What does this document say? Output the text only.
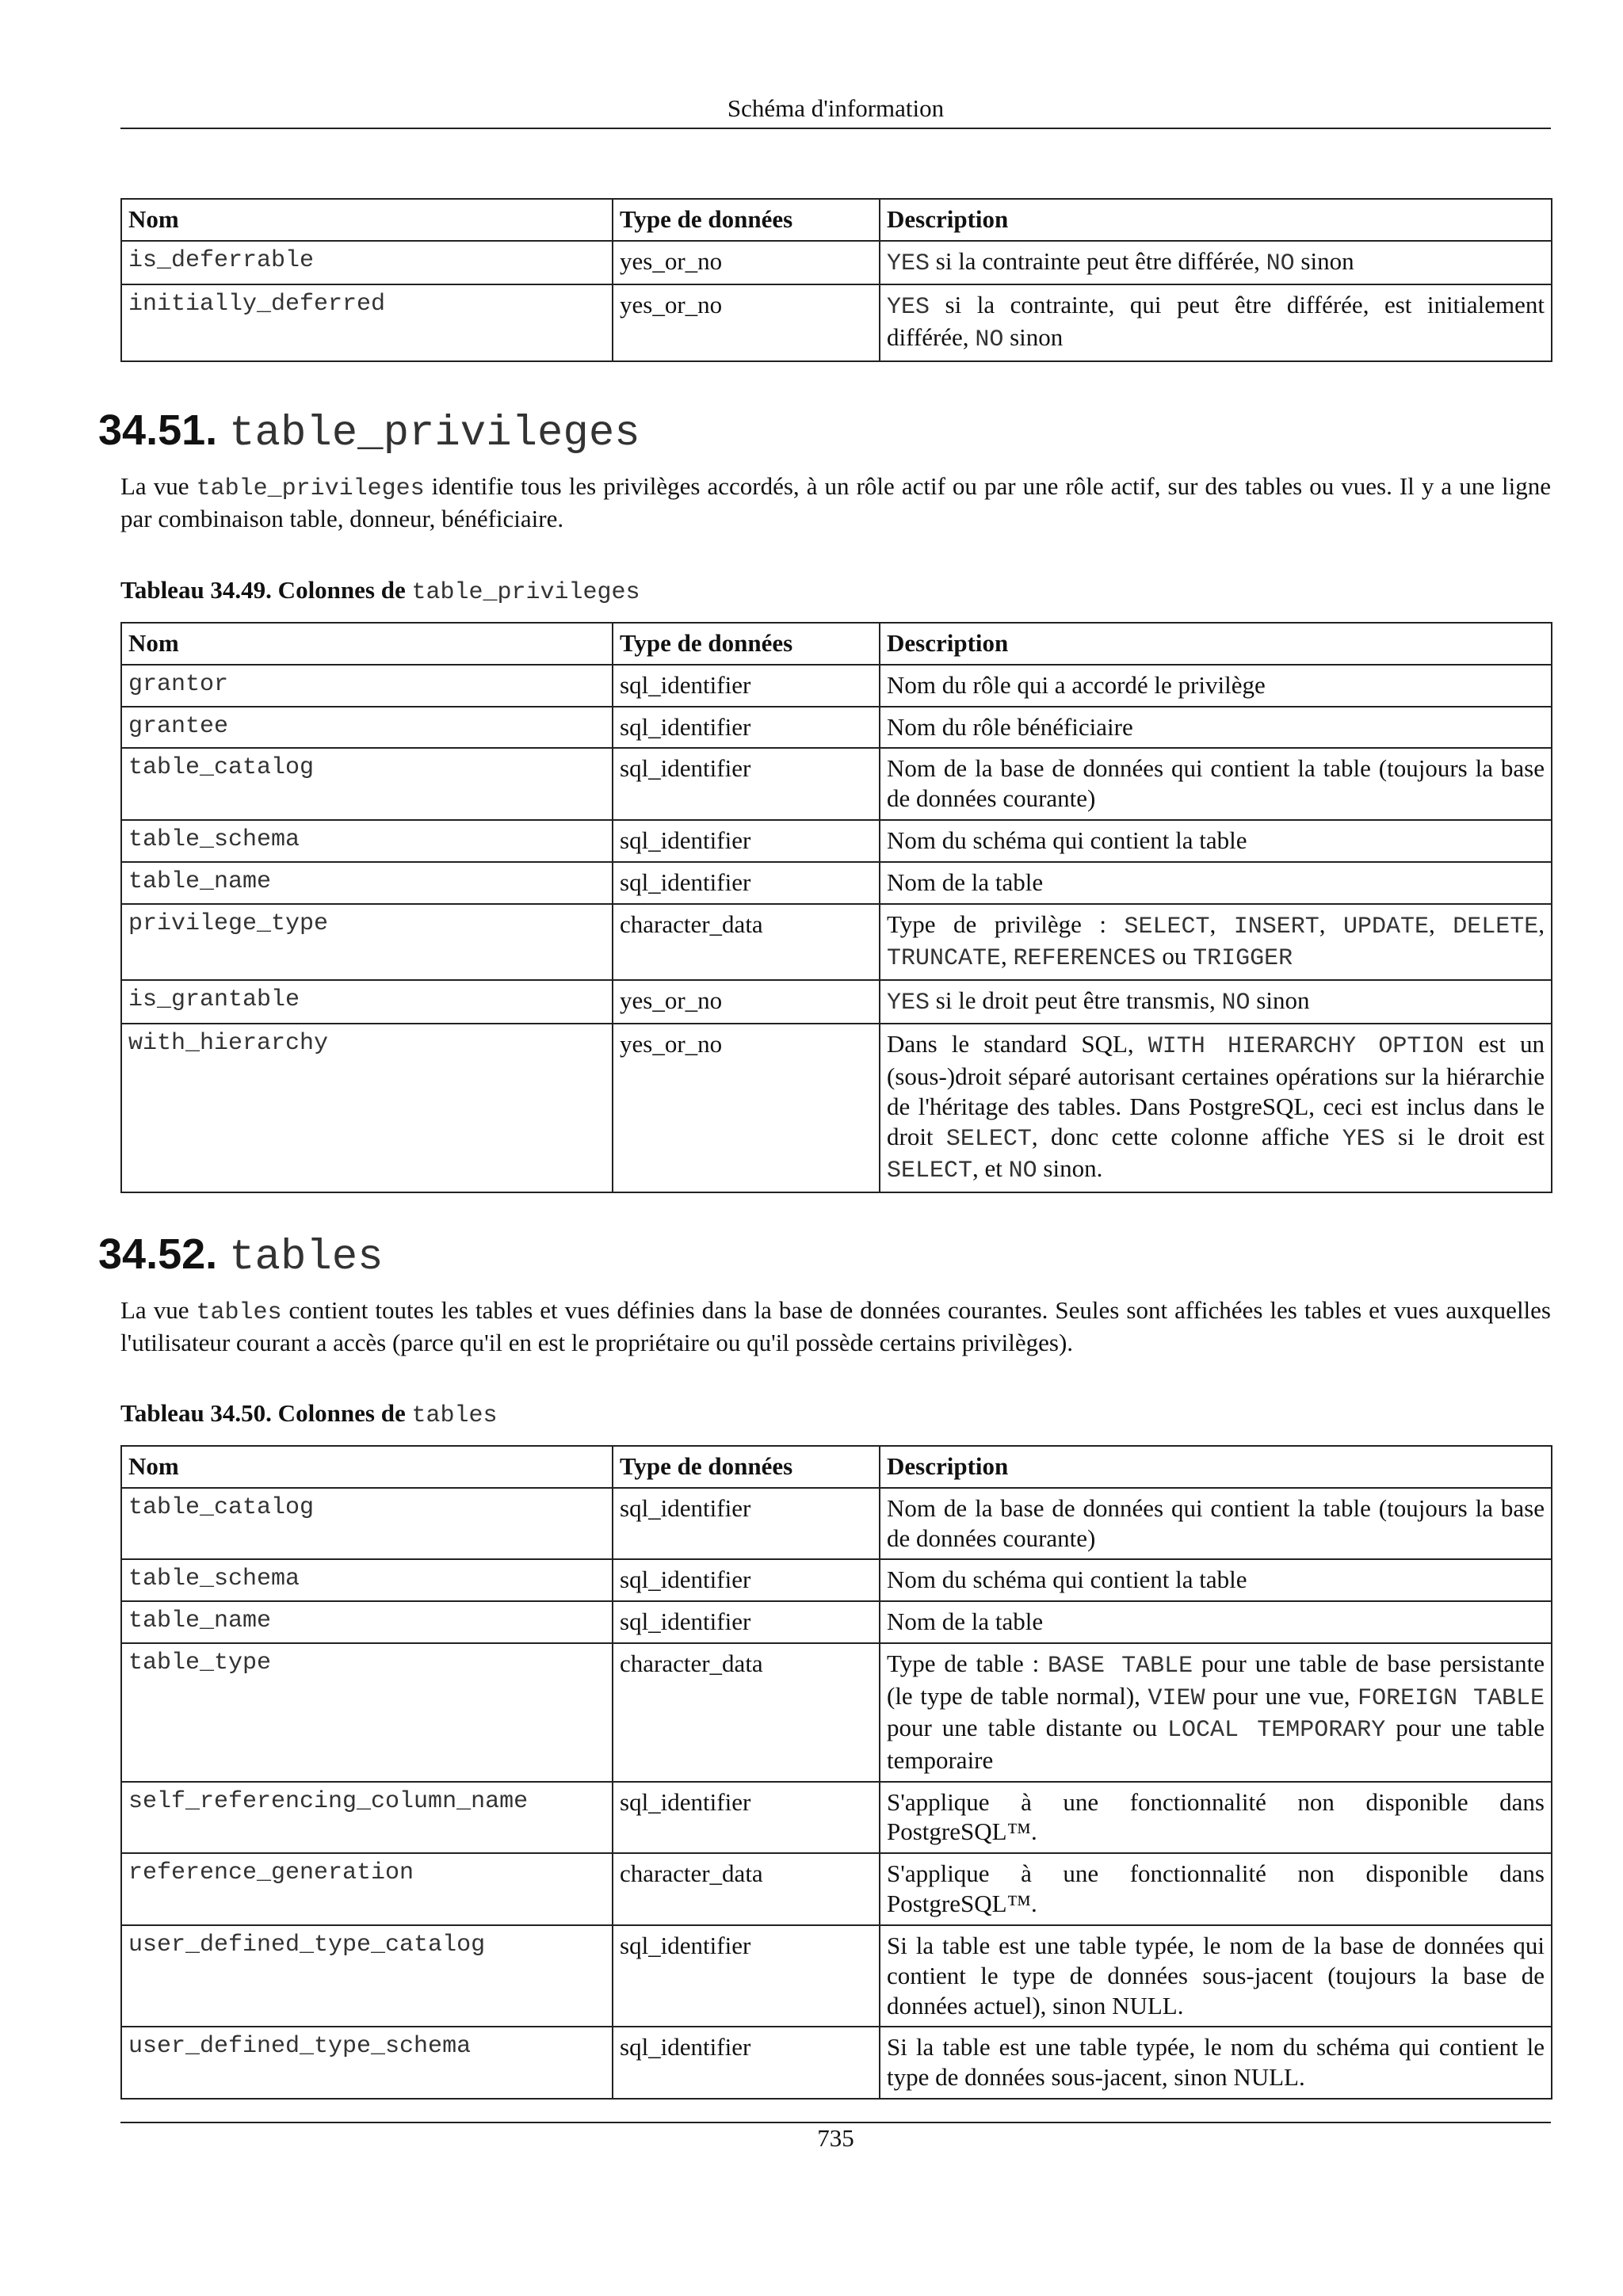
Schéma d'information
Nom	Type de données	Description
is_deferrable	yes_or_no	YES si la contrainte peut être différée, NO sinon
initially_deferred	yes_or_no	YES si la contrainte, qui peut être différée, est initialement différée, NO sinon
34.51. table_privileges

La vue table_privileges identifie tous les privilèges accordés, à un rôle actif ou par une rôle actif, sur des tables ou vues. Il y a une ligne par combinaison table, donneur, bénéficiaire.

Tableau 34.49. Colonnes de table_privileges
Nom	Type de données	Description
grantor	sql_identifier	Nom du rôle qui a accordé le privilège
grantee	sql_identifier	Nom du rôle bénéficiaire
table_catalog	sql_identifier	Nom de la base de données qui contient la table (toujours la base de données courante)
table_schema	sql_identifier	Nom du schéma qui contient la table
table_name	sql_identifier	Nom de la table
privilege_type	character_data	Type de privilège : SELECT, INSERT, UPDATE, DELETE, TRUNCATE, REFERENCES ou TRIGGER
is_grantable	yes_or_no	YES si le droit peut être transmis, NO sinon
with_hierarchy	yes_or_no	Dans le standard SQL, WITH HIERARCHY OPTION est un (sous-)droit séparé autorisant certaines opérations sur la hiérarchie de l'héritage des tables. Dans PostgreSQL, ceci est inclus dans le droit SELECT, donc cette colonne affiche YES si le droit est SELECT, et NO sinon.
34.52. tables

La vue tables contient toutes les tables et vues définies dans la base de données courantes. Seules sont affichées les tables et vues auxquelles l'utilisateur courant a accès (parce qu'il en est le propriétaire ou qu'il possède certains privilèges).

Tableau 34.50. Colonnes de tables
Nom	Type de données	Description
table_catalog	sql_identifier	Nom de la base de données qui contient la table (toujours la base de données courante)
table_schema	sql_identifier	Nom du schéma qui contient la table
table_name	sql_identifier	Nom de la table
table_type	character_data	Type de table : BASE TABLE pour une table de base persistante (le type de table normal), VIEW pour une vue, FOREIGN TABLE pour une table distante ou LOCAL TEMPORARY pour une table temporaire
self_referencing_column_name	sql_identifier	S'applique à une fonctionnalité non disponible dans PostgreSQL™.
reference_generation	character_data	S'applique à une fonctionnalité non disponible dans PostgreSQL™.
user_defined_type_catalog	sql_identifier	Si la table est une table typée, le nom de la base de données qui contient le type de données sous-jacent (toujours la base de données actuel), sinon NULL.
user_defined_type_schema	sql_identifier	Si la table est une table typée, le nom du schéma qui contient le type de données sous-jacent, sinon NULL.
735
